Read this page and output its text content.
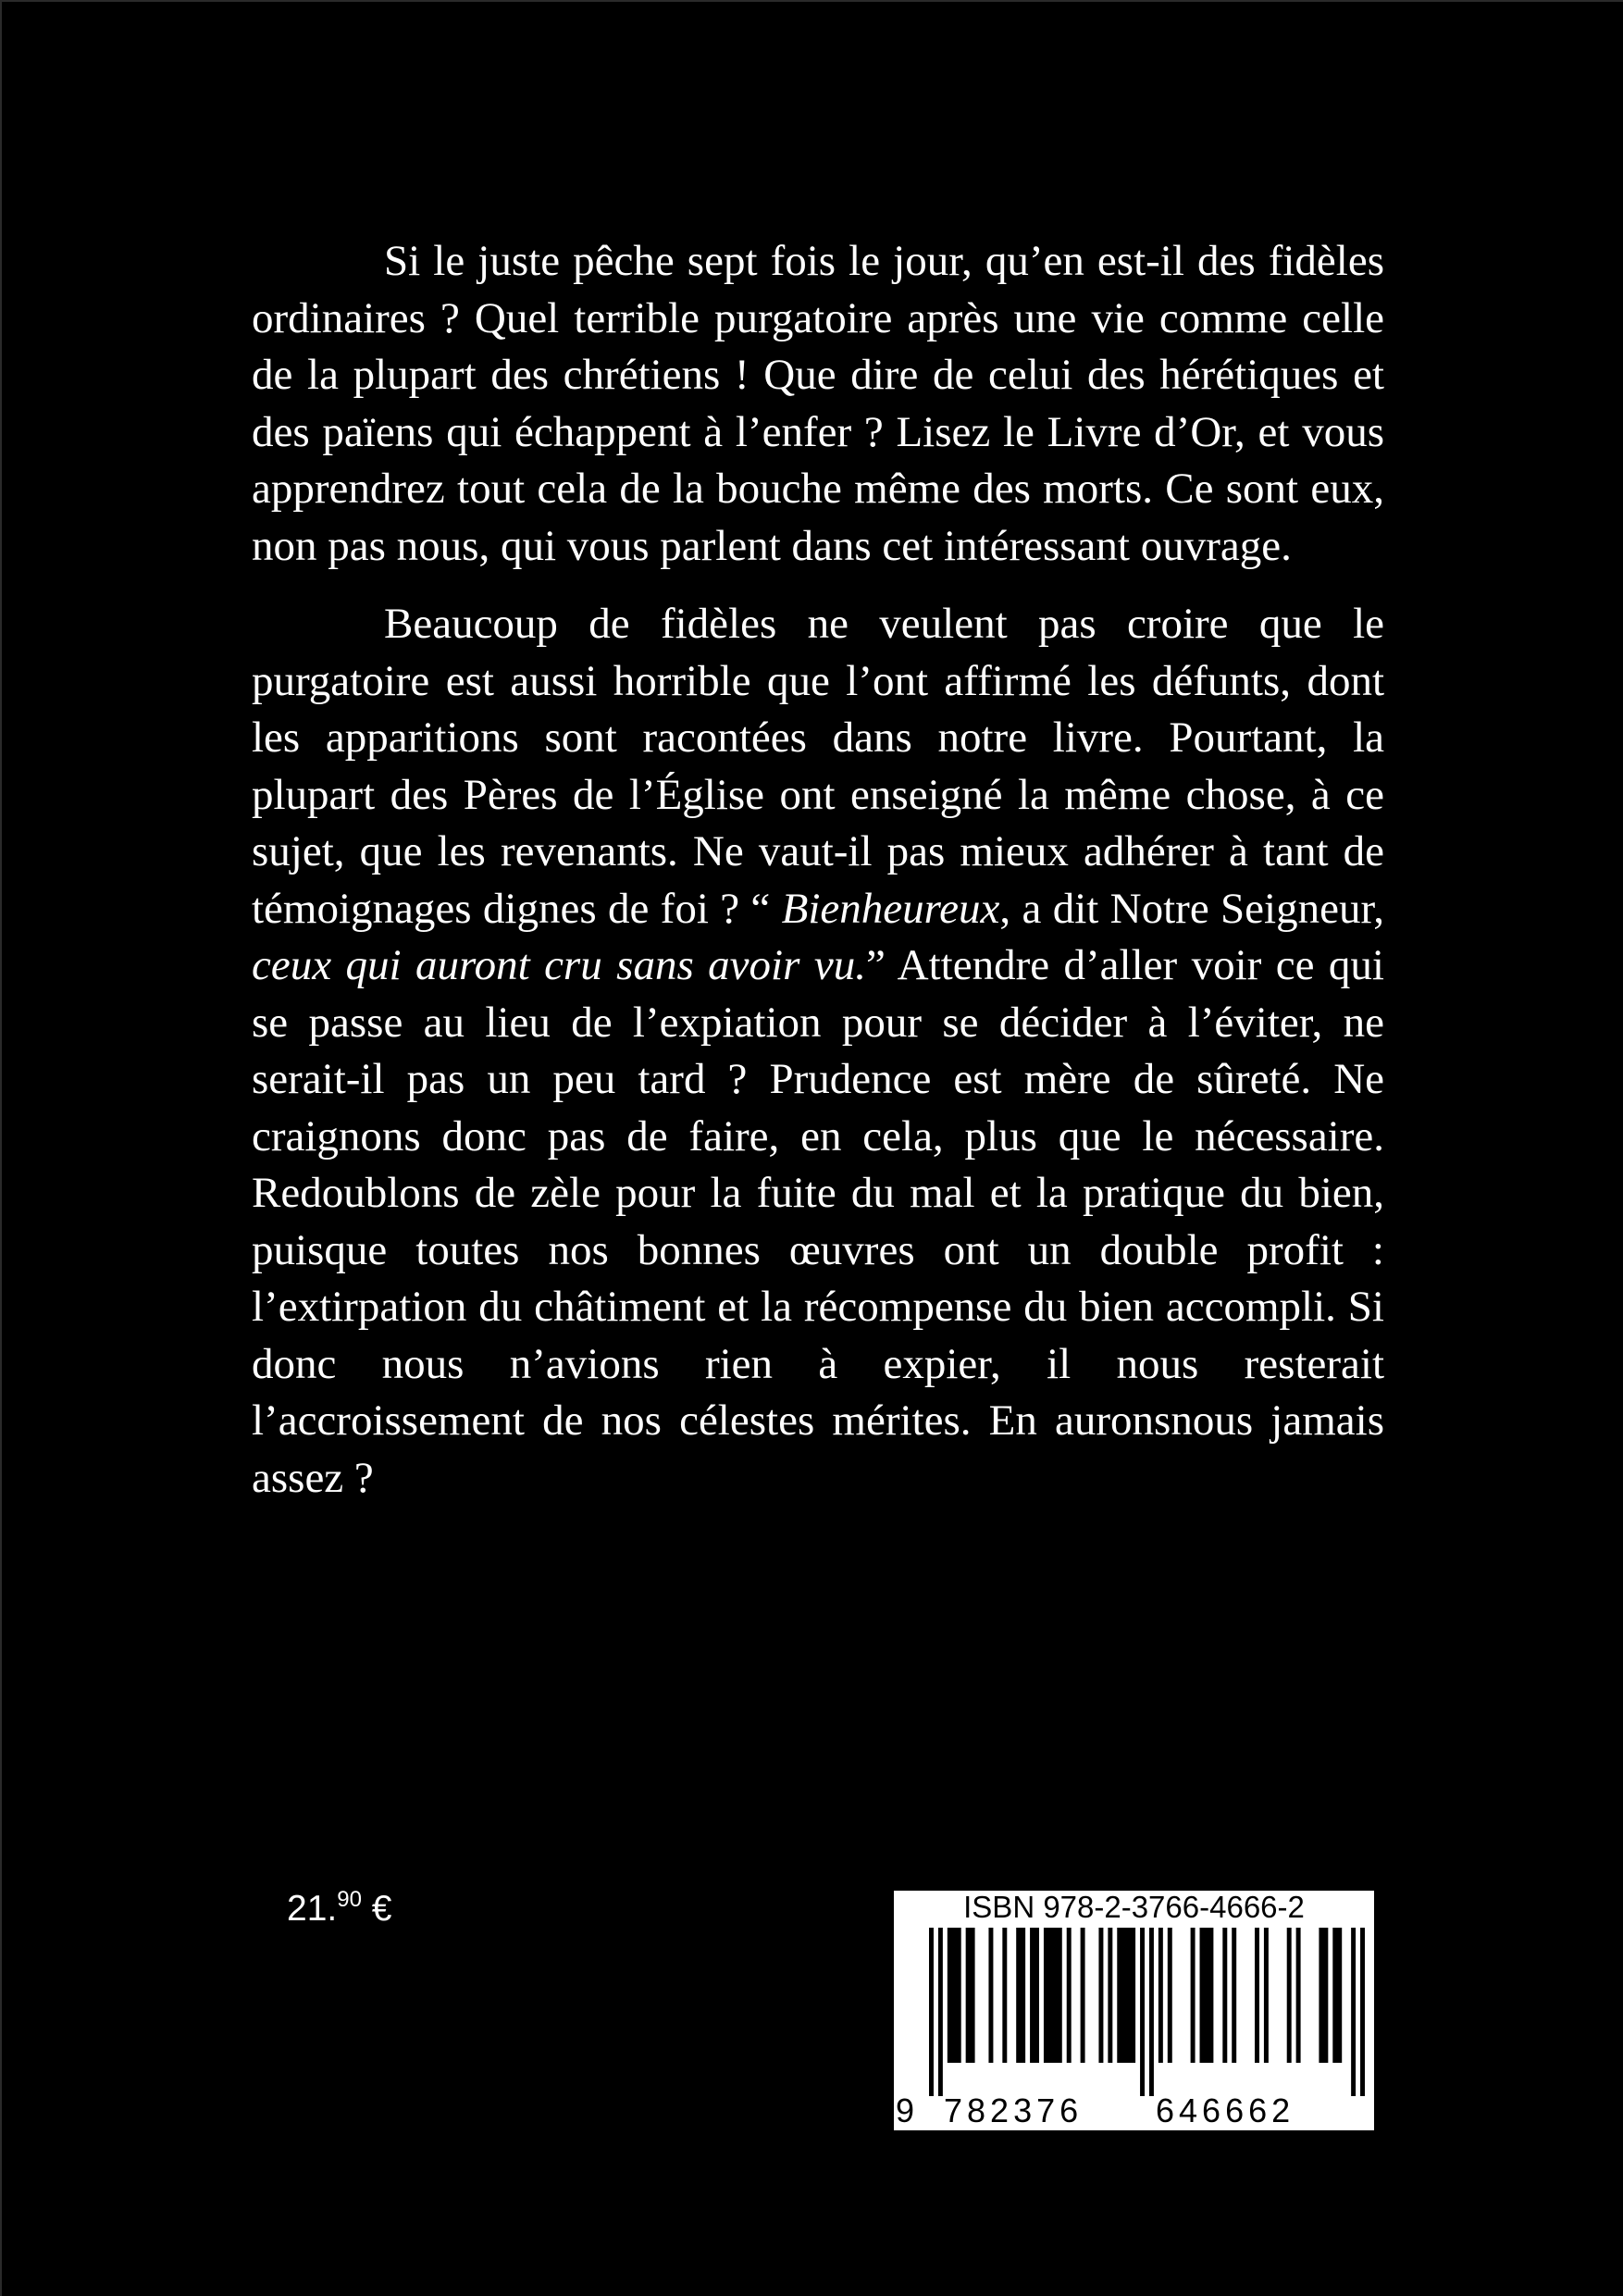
Si le juste pêche sept fois le jour, qu’en est-il des fidèles ordinaires ? Quel terrible purgatoire après une vie comme celle de la plupart des chrétiens ! Que dire de celui des hérétiques et des païens qui échappent à l’enfer ? Lisez le Livre d’Or, et vous apprendrez tout cela de la bouche même des morts. Ce sont eux, non pas nous, qui vous parlent dans cet intéressant ouvrage.

Beaucoup de fidèles ne veulent pas croire que le purgatoire est aussi horrible que l’ont affirmé les défunts, dont les apparitions sont racontées dans notre livre. Pourtant, la plupart des Pères de l’Église ont enseigné la même chose, à ce sujet, que les revenants. Ne vaut-il pas mieux adhérer à tant de témoignages dignes de foi ? “ Bienheureux, a dit Notre Seigneur, ceux qui auront cru sans avoir vu.” Attendre d’aller voir ce qui se passe au lieu de l’expiation pour se décider à l’éviter, ne serait-il pas un peu tard ? Prudence est mère de sûreté. Ne craignons donc pas de faire, en cela, plus que le nécessaire. Redoublons de zèle pour la fuite du mal et la pratique du bien, puisque toutes nos bonnes œuvres ont un double profit : l’extirpation du châtiment et la récompense du bien accompli. Si donc nous n’avions rien à expier, il nous resterait l’accroissement de nos célestes mérites. En auronsnous jamais assez ?

21.90 €	ISBN 978-2-3766-4666-2
9 782376 646662
